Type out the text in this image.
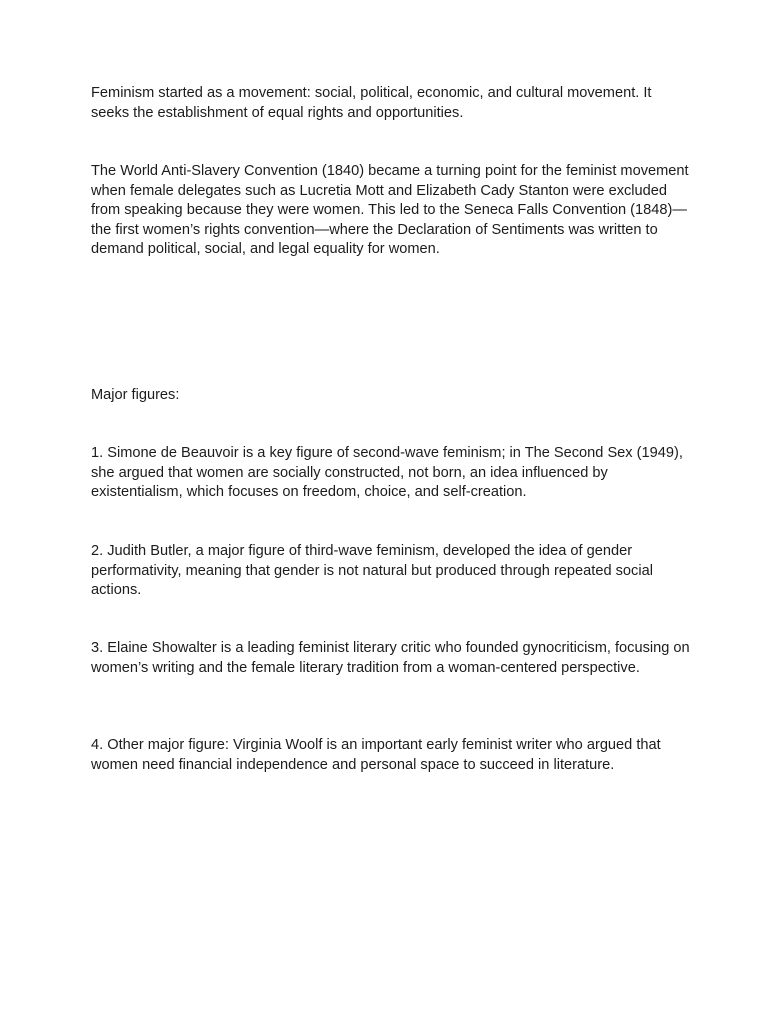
Feminism started as a movement: social, political, economic, and cultural movement. It seeks the establishment of equal rights and opportunities.

The World Anti-Slavery Convention (1840) became a turning point for the feminist movement when female delegates such as Lucretia Mott and Elizabeth Cady Stanton were excluded from speaking because they were women. This led to the Seneca Falls Convention (1848)—the first women’s rights convention—where the Declaration of Sentiments was written to demand political, social, and legal equality for women.

Major figures:

1. Simone de Beauvoir is a key figure of second-wave feminism; in The Second Sex (1949), she argued that women are socially constructed, not born, an idea influenced by existentialism, which focuses on freedom, choice, and self-creation.

2. Judith Butler, a major figure of third-wave feminism, developed the idea of gender performativity, meaning that gender is not natural but produced through repeated social actions.

3. Elaine Showalter is a leading feminist literary critic who founded gynocriticism, focusing on women’s writing and the female literary tradition from a woman-centered perspective.

4. Other major figure: Virginia Woolf is an important early feminist writer who argued that women need financial independence and personal space to succeed in literature.
